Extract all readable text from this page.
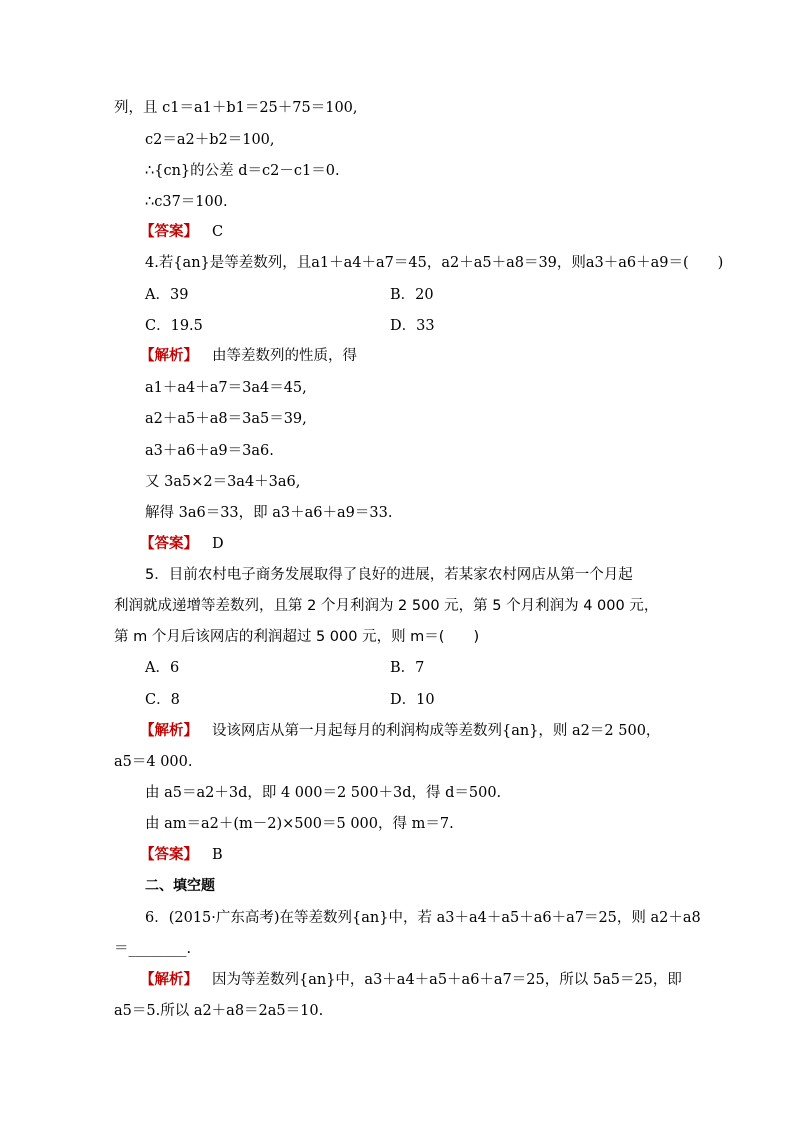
列，且 c1＝a1＋b1＝25＋75＝100,
c2＝a2＋b2＝100,
∴{cn}的公差 d＝c2－c1＝0.
∴c37＝100.
【答案】 C
4.若{an}是等差数列，且a1＋a4＋a7＝45，a2＋a5＋a8＝39，则a3＋a6＋a9＝(　　)
A．39	B．20
C．19.5	D．33
【解析】 由等差数列的性质，得
a1＋a4＋a7＝3a4＝45,
a2＋a5＋a8＝3a5＝39,
a3＋a6＋a9＝3a6.
又 3a5×2＝3a4＋3a6,
解得 3a6＝33，即 a3＋a6＋a9＝33.
【答案】 D
5．目前农村电子商务发展取得了良好的进展，若某家农村网店从第一个月起
利润就成递增等差数列，且第 2 个月利润为 2 500 元，第 5 个月利润为 4 000 元，
第 m 个月后该网店的利润超过 5 000 元，则 m＝(　　)
A．6	B．7
C．8	D．10
【解析】 设该网店从第一月起每月的利润构成等差数列{an}，则 a2＝2 500，
a5＝4 000.
由 a5＝a2＋3d，即 4 000＝2 500＋3d，得 d＝500.
由 am＝a2＋(m－2)×500＝5 000，得 m＝7.
【答案】 B
二、填空题
6．(2015·广东高考)在等差数列{an}中，若 a3＋a4＋a5＋a6＋a7＝25，则 a2＋a8
＝________.
【解析】 因为等差数列{an}中，a3＋a4＋a5＋a6＋a7＝25，所以 5a5＝25，即
a5＝5.所以 a2＋a8＝2a5＝10.
